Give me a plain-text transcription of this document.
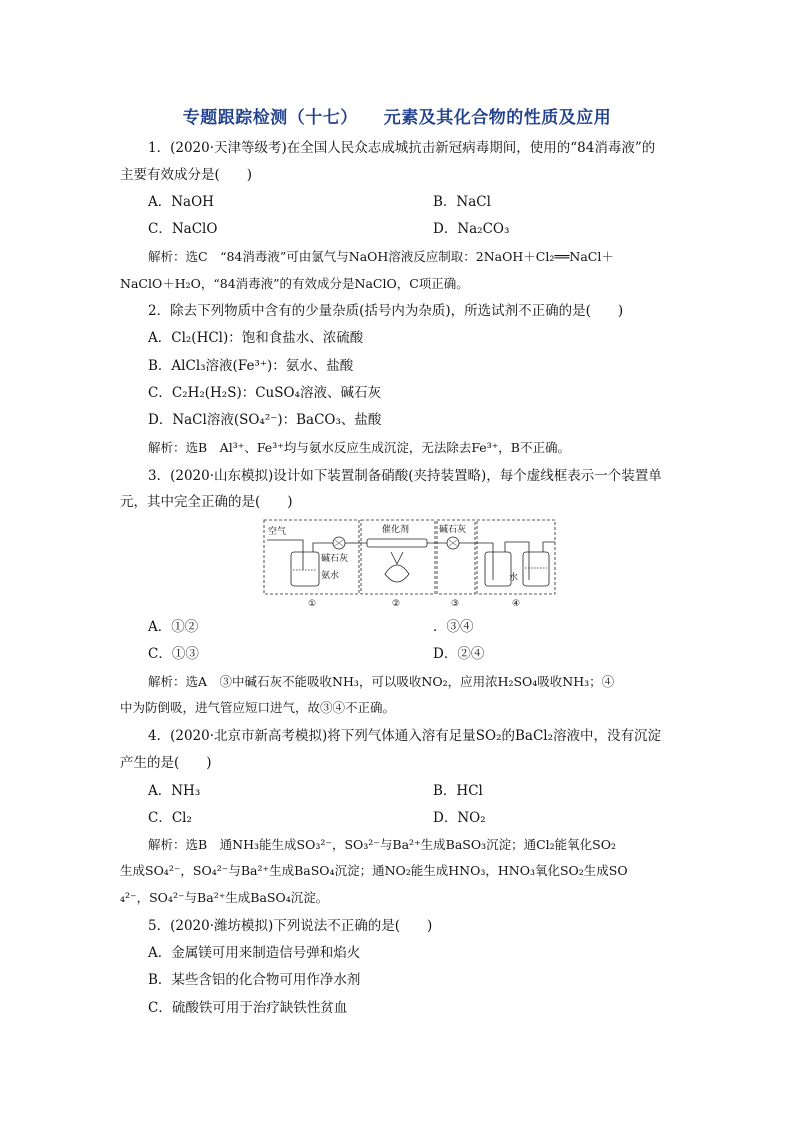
专题跟踪检测（十七） 元素及其化合物的性质及应用
1．(2020·天津等级考)在全国人民众志成城抗击新冠病毒期间，使用的“84消毒液”的
主要有效成分是(　　)
A．NaOH	B．NaCl
C．NaClO	D．Na₂CO₃
解析：选C　“84消毒液”可由氯气与NaOH溶液反应制取：2NaOH＋Cl₂══NaCl＋
NaClO＋H₂O，“84消毒液”的有效成分是NaClO，C项正确。
2．除去下列物质中含有的少量杂质(括号内为杂质)，所选试剂不正确的是(　　)
A．Cl₂(HCl)：饱和食盐水、浓硫酸
B．AlCl₃溶液(Fe³⁺)：氨水、盐酸
C．C₂H₂(H₂S)：CuSO₄溶液、碱石灰
D．NaCl溶液(SO₄²⁻)：BaCO₃、盐酸
解析：选B　Al³⁺、Fe³⁺均与氨水反应生成沉淀，无法除去Fe³⁺，B不正确。
3．(2020·山东模拟)设计如下装置制备硝酸(夹持装置略)，每个虚线框表示一个装置单
元，其中完全正确的是(　　)
空气
碱石灰
氨水
催化剂	碱石灰
水
①	②	③	④
A．①②	．③④
C．①③	D．②④
解析：选A　③中碱石灰不能吸收NH₃，可以吸收NO₂，应用浓H₂SO₄吸收NH₃；④
中为防倒吸，进气管应短口进气，故③④不正确。
4．(2020·北京市新高考模拟)将下列气体通入溶有足量SO₂的BaCl₂溶液中，没有沉淀
产生的是(　　)
A．NH₃	B．HCl
C．Cl₂	D．NO₂
解析：选B　通NH₃能生成SO₃²⁻，SO₃²⁻与Ba²⁺生成BaSO₃沉淀；通Cl₂能氧化SO₂
生成SO₄²⁻，SO₄²⁻与Ba²⁺生成BaSO₄沉淀；通NO₂能生成HNO₃，HNO₃氧化SO₂生成SO
₄²⁻，SO₄²⁻与Ba²⁺生成BaSO₄沉淀。
5．(2020·潍坊模拟)下列说法不正确的是(　　)
A．金属镁可用来制造信号弹和焰火
B．某些含铝的化合物可用作净水剂
C．硫酸铁可用于治疗缺铁性贫血
